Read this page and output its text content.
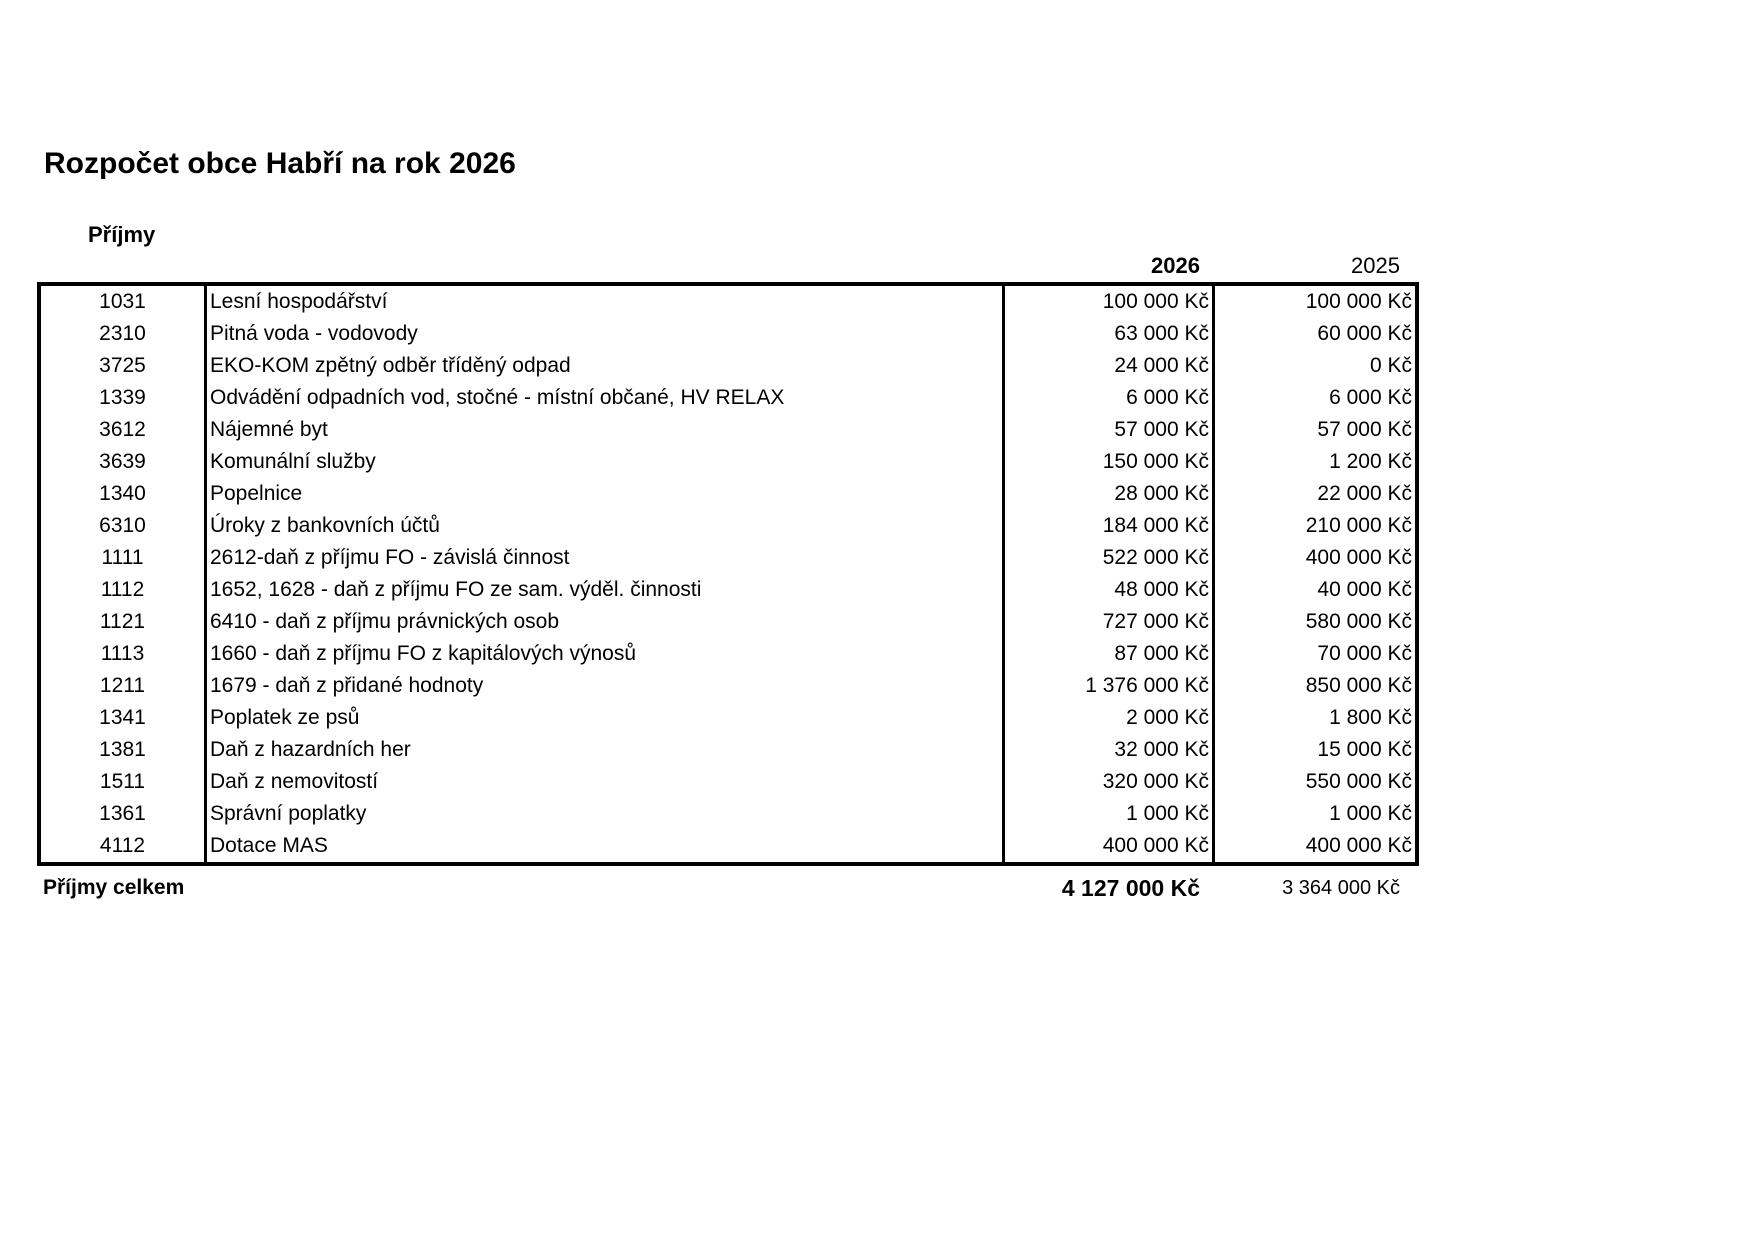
Rozpočet obce Habří na rok 2026
Příjmy
2026	2025
1031	Lesní hospodářství	100 000 Kč	100 000 Kč
2310	Pitná voda - vodovody	63 000 Kč	60 000 Kč
3725	EKO-KOM zpětný odběr tříděný odpad	24 000 Kč	0 Kč
1339	Odvádění odpadních vod, stočné - místní občané, HV RELAX	6 000 Kč	6 000 Kč
3612	Nájemné byt	57 000 Kč	57 000 Kč
3639	Komunální služby	150 000 Kč	1 200 Kč
1340	Popelnice	28 000 Kč	22 000 Kč
6310	Úroky z bankovních účtů	184 000 Kč	210 000 Kč
1111	2612-daň z příjmu FO - závislá činnost	522 000 Kč	400 000 Kč
1112	1652, 1628 - daň z příjmu FO ze sam. výděl. činnosti	48 000 Kč	40 000 Kč
1121	6410 - daň z příjmu právnických osob	727 000 Kč	580 000 Kč
1113	1660 - daň z příjmu FO z kapitálových výnosů	87 000 Kč	70 000 Kč
1211	1679 - daň z přidané hodnoty	1 376 000 Kč	850 000 Kč
1341	Poplatek ze psů	2 000 Kč	1 800 Kč
1381	Daň z hazardních her	32 000 Kč	15 000 Kč
1511	Daň z nemovitostí	320 000 Kč	550 000 Kč
1361	Správní poplatky	1 000 Kč	1 000 Kč
4112	Dotace MAS	400 000 Kč	400 000 Kč
Příjmy celkem	4 127 000 Kč	3 364 000 Kč
